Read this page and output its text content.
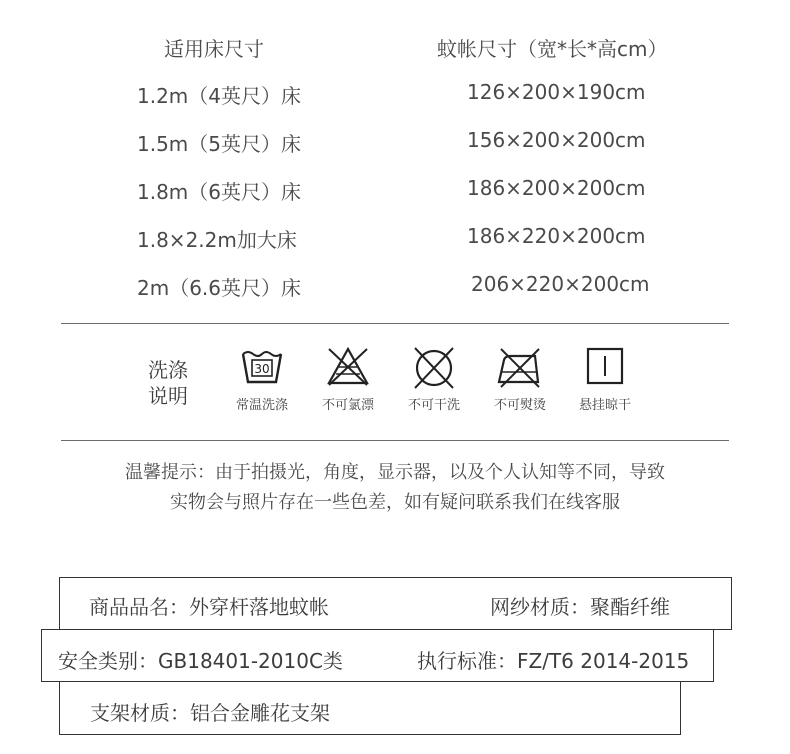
适用床尺寸	蚊帐尺寸（宽*长*高cm）
1.2m（4英尺）床	126×200×190cm
1.5m（5英尺）床	156×200×200cm
1.8m（6英尺）床	186×200×200cm
1.8×2.2m加大床	186×220×200cm
2m（6.6英尺）床	206×220×200cm
洗涤
说明
30
常温洗涤	不可氯漂	不可干洗	不可熨烫	悬挂晾干
温馨提示：由于拍摄光，角度，显示器，以及个人认知等不同，导致
实物会与照片存在一些色差，如有疑问联系我们在线客服
商品品名：外穿杆落地蚊帐	网纱材质：聚酯纤维
安全类别：GB18401-2010C类	执行标准：FZ/T6 2014-2015
支架材质：铝合金雕花支架
